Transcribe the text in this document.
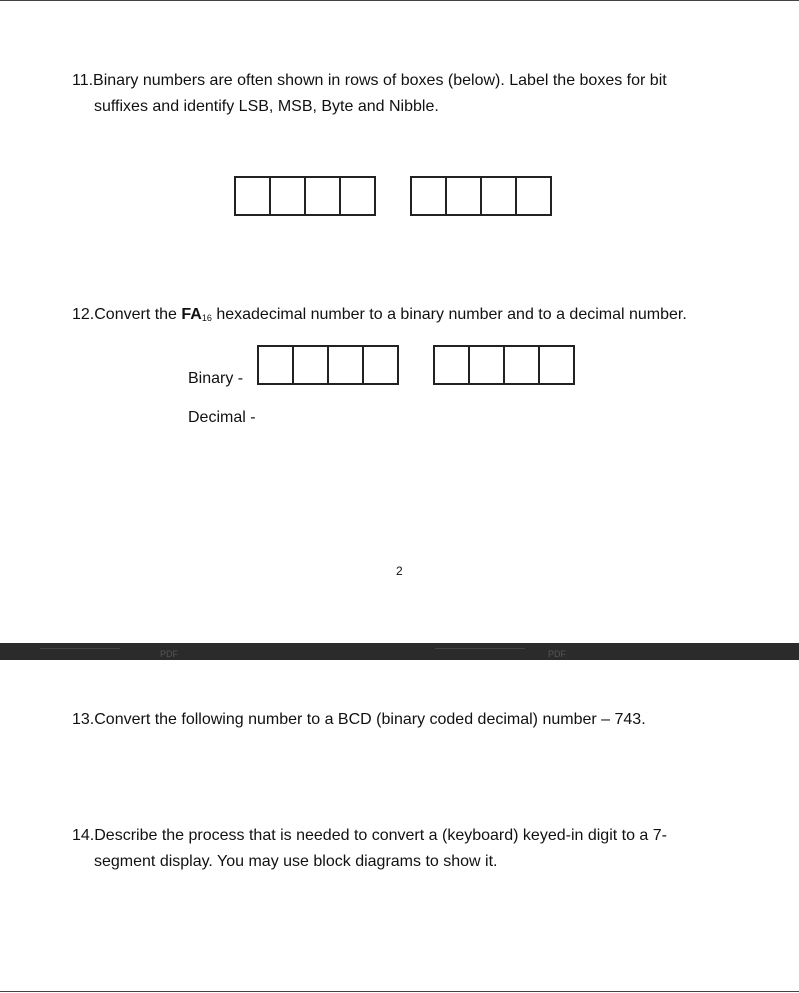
11.Binary numbers are often shown in rows of boxes (below). Label the boxes for bit
suffixes and identify LSB, MSB, Byte and Nibble.
12.Convert the $FA_{16}$ hexadecimal number to a binary number and to a decimal number.
Binary -
Decimal -
2
PDF	PDF
13.Convert the following number to a BCD (binary coded decimal) number – 743.
14.Describe the process that is needed to convert a (keyboard) keyed-in digit to a 7-
segment display. You may use block diagrams to show it.
